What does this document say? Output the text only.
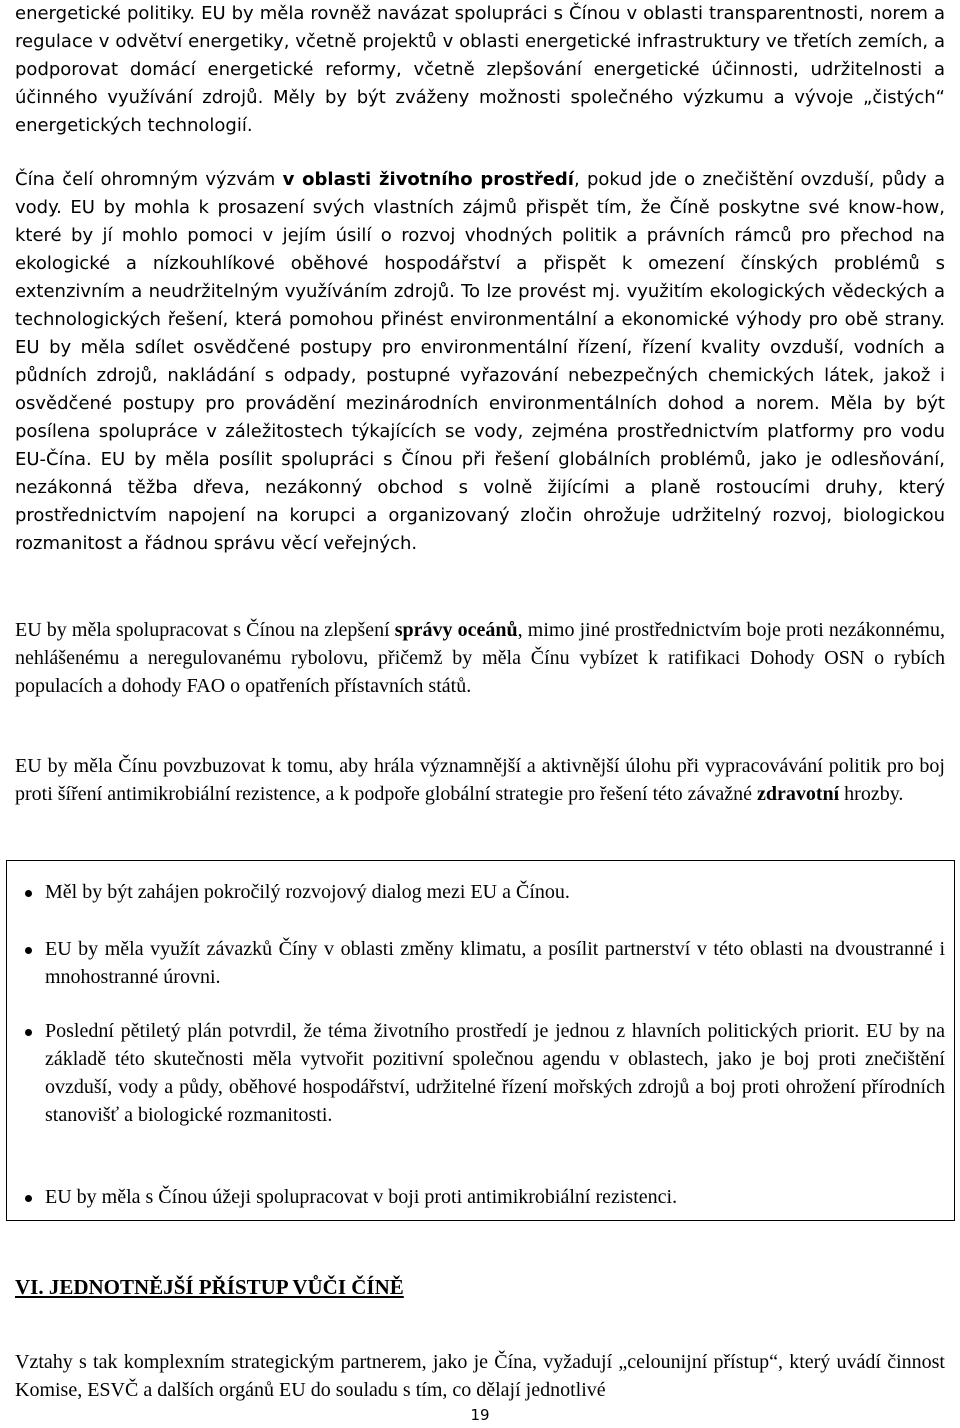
energetické politiky. EU by měla rovněž navázat spolupráci s Čínou v oblasti transparentnosti, norem a regulace v odvětví energetiky, včetně projektů v oblasti energetické infrastruktury ve třetích zemích, a podporovat domácí energetické reformy, včetně zlepšování energetické účinnosti, udržitelnosti a účinného využívání zdrojů. Měly by být zváženy možnosti společného výzkumu a vývoje „čistých“ energetických technologií.

Čína čelí ohromným výzvám v oblasti životního prostředí, pokud jde o znečištění ovzduší, půdy a vody. EU by mohla k prosazení svých vlastních zájmů přispět tím, že Číně poskytne své know-how, které by jí mohlo pomoci v jejím úsilí o rozvoj vhodných politik a právních rámců pro přechod na ekologické a nízkouhlíkové oběhové hospodářství a přispět k omezení čínských problémů s extenzivním a neudržitelným využíváním zdrojů. To lze provést mj. využitím ekologických vědeckých a technologických řešení, která pomohou přinést environmentální a ekonomické výhody pro obě strany. EU by měla sdílet osvědčené postupy pro environmentální řízení, řízení kvality ovzduší, vodních a půdních zdrojů, nakládání s odpady, postupné vyřazování nebezpečných chemických látek, jakož i osvědčené postupy pro provádění mezinárodních environmentálních dohod a norem. Měla by být posílena spolupráce v záležitostech týkajících se vody, zejména prostřednictvím platformy pro vodu EU-Čína. EU by měla posílit spolupráci s Čínou při řešení globálních problémů, jako je odlesňování, nezákonná těžba dřeva, nezákonný obchod s volně žijícími a planě rostoucími druhy, který prostřednictvím napojení na korupci a organizovaný zločin ohrožuje udržitelný rozvoj, biologickou rozmanitost a řádnou správu věcí veřejných.

EU by měla spolupracovat s Čínou na zlepšení správy oceánů, mimo jiné prostřednictvím boje proti nezákonnému, nehlášenému a neregulovanému rybolovu, přičemž by měla Čínu vybízet k ratifikaci Dohody OSN o rybích populacích a dohody FAO o opatřeních přístavních států.

EU by měla Čínu povzbuzovat k tomu, aby hrála významnější a aktivnější úlohu při vypracovávání politik pro boj proti šíření antimikrobiální rezistence, a k podpoře globální strategie pro řešení této závažné zdravotní hrozby.

Měl by být zahájen pokročilý rozvojový dialog mezi EU a Čínou.

EU by měla využít závazků Číny v oblasti změny klimatu, a posílit partnerství v této oblasti na dvoustranné i mnohostranné úrovni.

Poslední pětiletý plán potvrdil, že téma životního prostředí je jednou z hlavních politických priorit. EU by na základě této skutečnosti měla vytvořit pozitivní společnou agendu v oblastech, jako je boj proti znečištění ovzduší, vody a půdy, oběhové hospodářství, udržitelné řízení mořských zdrojů a boj proti ohrožení přírodních stanovišť a biologické rozmanitosti.

EU by měla s Čínou úžeji spolupracovat v boji proti antimikrobiální rezistenci.

VI. JEDNOTNĚJŠÍ PŘÍSTUP VŮČI ČÍNĚ

Vztahy s tak komplexním strategickým partnerem, jako je Čína, vyžadují „celounijní přístup“, který uvádí činnost Komise, ESVČ a dalších orgánů EU do souladu s tím, co dělají jednotlivé

19
